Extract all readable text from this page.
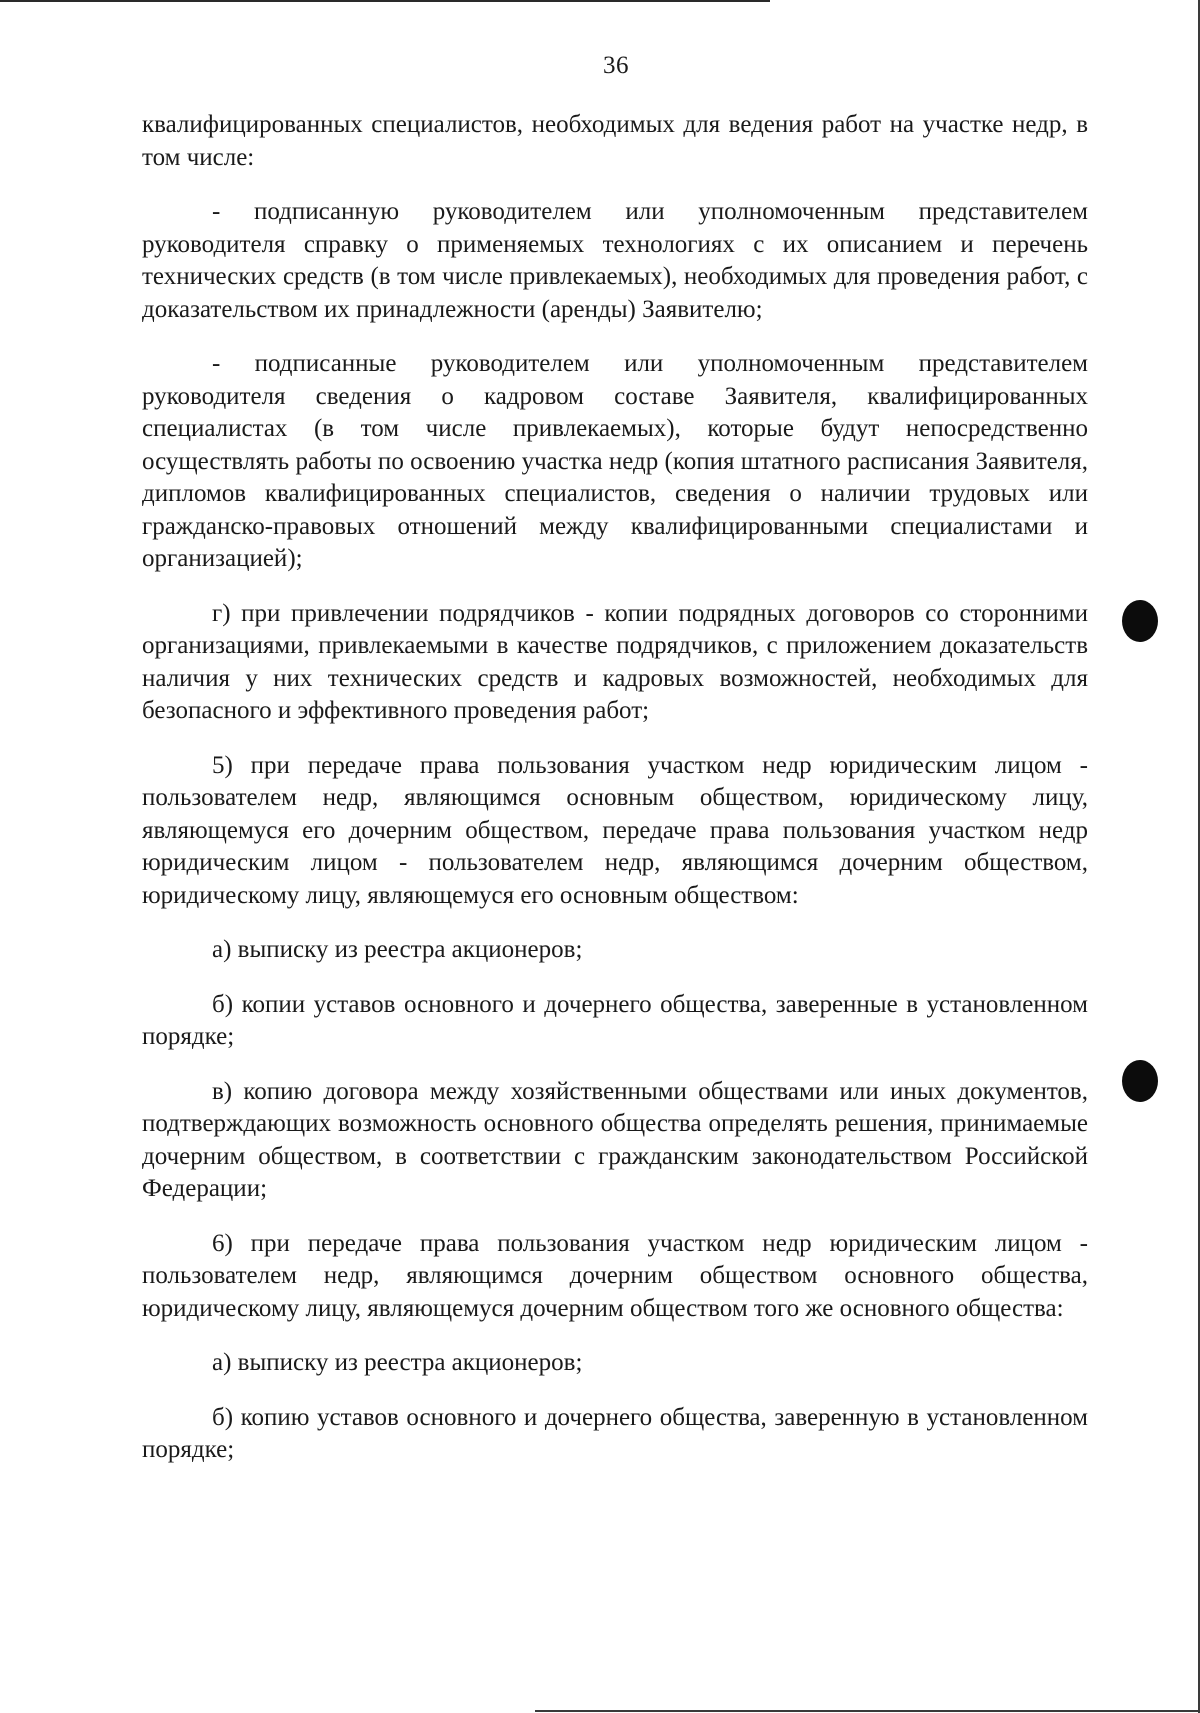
36

квалифицированных специалистов, необходимых для ведения работ на участке недр, в том числе:

- подписанную руководителем или уполномоченным представителем руководителя справку о применяемых технологиях с их описанием и перечень технических средств (в том числе привлекаемых), необходимых для проведения работ, с доказательством их принадлежности (аренды) Заявителю;

- подписанные руководителем или уполномоченным представителем руководителя сведения о кадровом составе Заявителя, квалифицированных специалистах (в том числе привлекаемых), которые будут непосредственно осуществлять работы по освоению участка недр (копия штатного расписания Заявителя, дипломов квалифицированных специалистов, сведения о наличии трудовых или гражданско-правовых отношений между квалифицированными специалистами и организацией);

г) при привлечении подрядчиков - копии подрядных договоров со сторонними организациями, привлекаемыми в качестве подрядчиков, с приложением доказательств наличия у них технических средств и кадровых возможностей, необходимых для безопасного и эффективного проведения работ;

5) при передаче права пользования участком недр юридическим лицом - пользователем недр, являющимся основным обществом, юридическому лицу, являющемуся его дочерним обществом, передаче права пользования участком недр юридическим лицом - пользователем недр, являющимся дочерним обществом, юридическому лицу, являющемуся его основным обществом:

а) выписку из реестра акционеров;

б) копии уставов основного и дочернего общества, заверенные в установленном порядке;

в) копию договора между хозяйственными обществами или иных документов, подтверждающих возможность основного общества определять решения, принимаемые дочерним обществом, в соответствии с гражданским законодательством Российской Федерации;

6) при передаче права пользования участком недр юридическим лицом - пользователем недр, являющимся дочерним обществом основного общества, юридическому лицу, являющемуся дочерним обществом того же основного общества:

а) выписку из реестра акционеров;

б) копию уставов основного и дочернего общества, заверенную в установленном порядке;
